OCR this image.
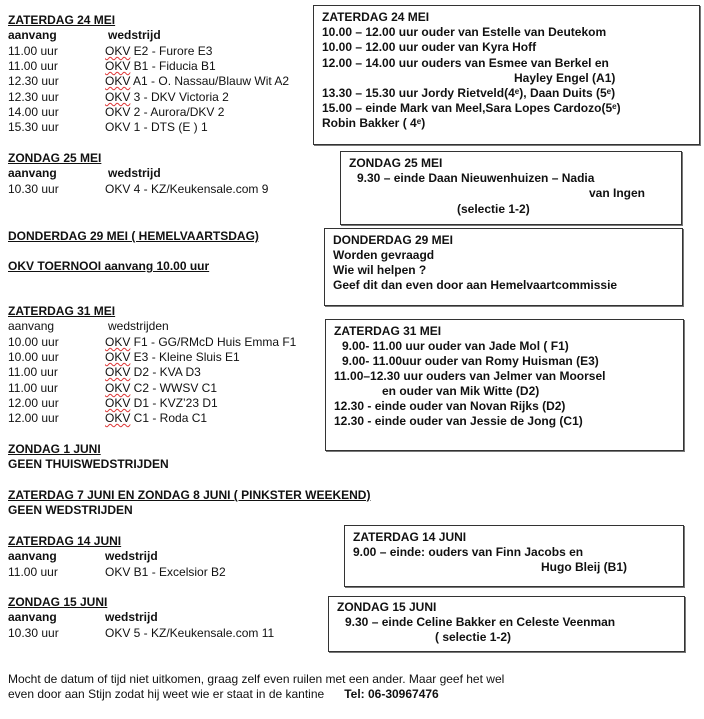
ZATERDAG 24 MEI
aanvang	wedstrijd
11.00 uur	OKV E2 - Furore E3
11.00 uur	OKV B1 - Fiducia B1
12.30 uur	OKV A1 - O. Nassau/Blauw Wit A2
12.30 uur	OKV 3 - DKV Victoria 2
14.00 uur	OKV 2 - Aurora/DKV 2
15.30 uur	OKV 1 - DTS (E ) 1
ZONDAG 25 MEI
aanvang	wedstrijd
10.30 uur	OKV 4 - KZ/Keukensale.com 9
DONDERDAG 29 MEI ( HEMELVAARTSDAG)
OKV TOERNOOI aanvang 10.00 uur
ZATERDAG 31 MEI
aanvang	wedstrijden
10.00 uur	OKV F1 - GG/RMcD Huis Emma F1
10.00 uur	OKV E3 - Kleine Sluis E1
11.00 uur	OKV D2 - KVA D3
11.00 uur	OKV C2 - WWSV C1
12.00 uur	OKV D1 - KVZ’23 D1
12.00 uur	OKV C1 - Roda C1
ZONDAG 1 JUNI
GEEN THUISWEDSTRIJDEN
ZATERDAG 7 JUNI EN ZONDAG 8 JUNI ( PINKSTER WEEKEND)
GEEN WEDSTRIJDEN
ZATERDAG 14 JUNI
aanvang	wedstrijd
11.00 uur	OKV B1 - Excelsior B2
ZONDAG 15 JUNI
aanvang	wedstrijd
10.30 uur	OKV 5 - KZ/Keukensale.com 11
ZATERDAG 24 MEI
10.00 – 12.00 uur ouder van Estelle van Deutekom
10.00 – 12.00 uur ouder van Kyra Hoff
12.00 – 14.00 uur ouders van Esmee van Berkel en
Hayley Engel (A1)
13.30 – 15.30 uur Jordy Rietveld(4ᵉ), Daan Duits (5ᵉ)
15.00 – einde Mark van Meel,Sara Lopes Cardozo(5ᵉ)
Robin Bakker ( 4ᵉ)
ZONDAG 25 MEI
9.30 – einde Daan Nieuwenhuizen – Nadia
van Ingen
(selectie 1-2)
DONDERDAG 29 MEI
Worden gevraagd
Wie wil helpen ?
Geef dit dan even door aan Hemelvaartcommissie
ZATERDAG 31 MEI
9.00- 11.00 uur ouder van Jade Mol ( F1)
9.00- 11.00uur ouder van Romy Huisman (E3)
11.00–12.30 uur ouders van Jelmer van Moorsel
en ouder van Mik Witte (D2)
12.30 - einde ouder van Novan Rijks (D2)
12.30 - einde ouder van Jessie de Jong (C1)
ZATERDAG 14 JUNI
9.00 – einde: ouders van Finn Jacobs en
Hugo Bleij (B1)
ZONDAG 15 JUNI
9.30 – einde Celine Bakker en Celeste Veenman
( selectie 1-2)
Mocht de datum of tijd niet uitkomen, graag zelf even ruilen met een ander. Maar geef het wel
even door aan Stijn zodat hij weet wie er staat in de kantine Tel: 06-30967476
